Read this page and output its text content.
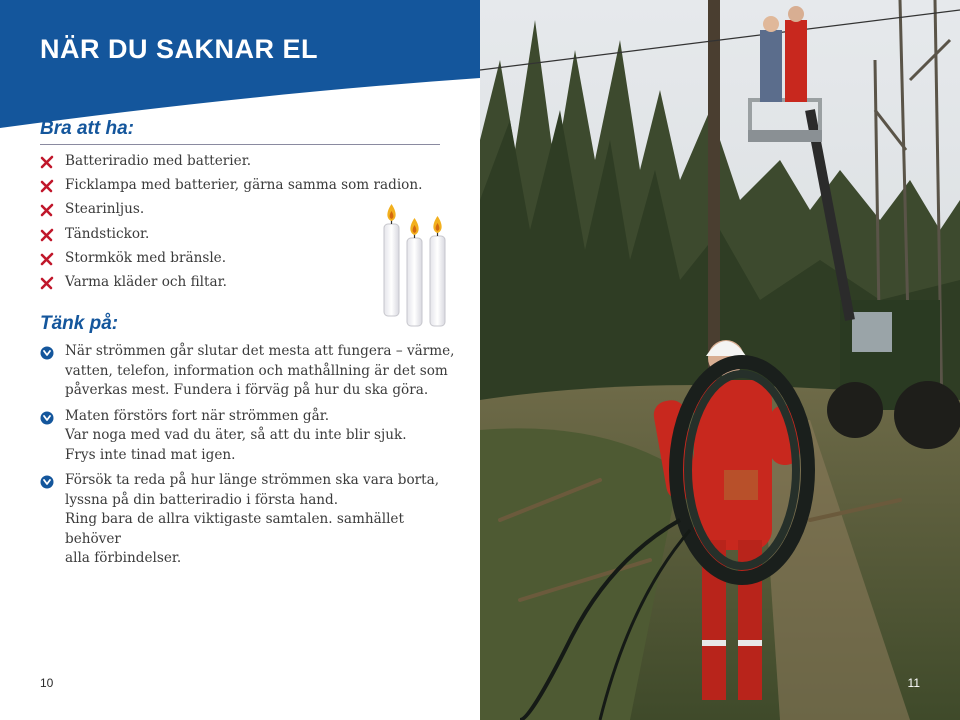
NÄR DU SAKNAR EL
Bra att ha:
Batteriradio med batterier.
Ficklampa med batterier, gärna samma som radion.
Stearinljus.
Tändstickor.
Stormkök med bränsle.
Varma kläder och filtar.
Tänk på:
När strömmen går slutar det mesta att fungera – värme,
vatten, telefon, information och mathållning är det som
påverkas mest. Fundera i förväg på hur du ska göra.
Maten förstörs fort när strömmen går.
Var noga med vad du äter, så att du inte blir sjuk.
Frys inte tinad mat igen.
Försök ta reda på hur länge strömmen ska vara borta,
lyssna på din batteriradio i första hand.
Ring bara de allra viktigaste samtalen. samhället behöver
alla förbindelser.
10	11
